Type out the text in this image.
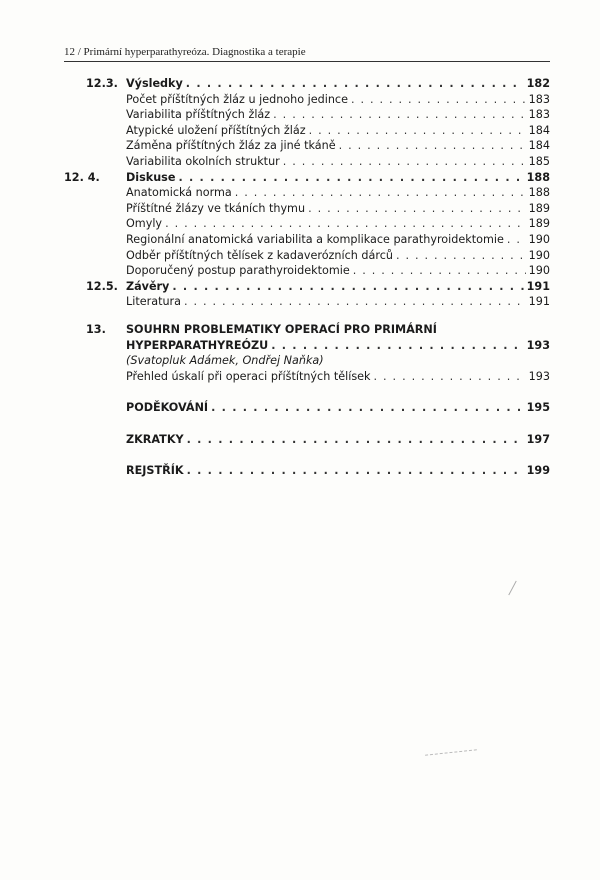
12 / Primární hyperparathyreóza. Diagnostika a terapie
12.3. Výsledky . . .	182
Počet příštítných žláz u jednoho jedince . . .	183
Variabilita příštítných žláz . . .	183
Atypické uložení příštítných žláz . . .	184
Záměna příštítných žláz za jiné tkáně . . .	184
Variabilita okolních struktur . . .	185
12. 4.	Diskuse . . .	188
Anatomická norma . . .	188
Příštítné žlázy ve tkáních thymu . . .	189
Omyly . . .	189
Regionální anatomická variabilita a komplikace parathyroidektomie . . . 190
Odběr příštítných tělísek z kadaverózních dárců . . .	190
Doporučený postup parathyroidektomie . . .	190
12.5. Závěry . . .	191
Literatura . . .	191
13.	SOUHRN PROBLEMATIKY OPERACÍ PRO PRIMÁRNÍ
HYPERPARATHYREÓZU . . .	193
(Svatopluk Adámek, Ondřej Naňka)
Přehled úskalí při operaci příštítných tělísek . . .	193
PODĚKOVÁNÍ . . .	195
ZKRATKY . . .	197
REJSTŘÍK . . .	199
